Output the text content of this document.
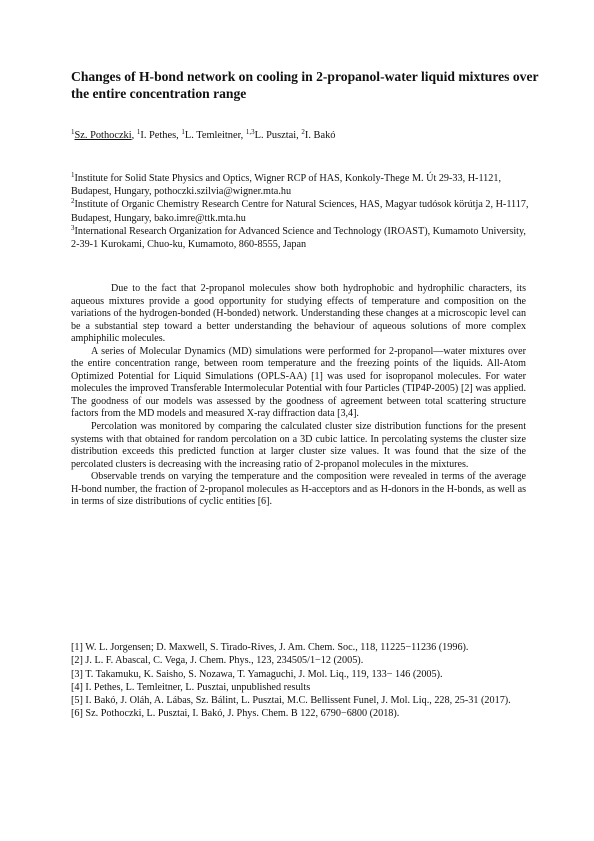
Changes of H-bond network on cooling in 2-propanol-water liquid mixtures over the entire concentration range
$^1$Sz. Pothoczki, $^1$I. Pethes, $^1$L. Temleitner, $^{1,3}$L. Pusztai, $^2$I. Bakó

$^1$Institute for Solid State Physics and Optics, Wigner RCP of HAS, Konkoly-Thege M. Út 29-33, H-1121, Budapest, Hungary, pothoczki.szilvia@wigner.mta.hu

$^2$Institute of Organic Chemistry Research Centre for Natural Sciences, HAS, Magyar tudósok körútja 2, H-1117, Budapest, Hungary, bako.imre@ttk.mta.hu

$^3$International Research Organization for Advanced Science and Technology (IROAST), Kumamoto University, 2-39-1 Kurokami, Chuo-ku, Kumamoto, 860-8555, Japan

Due to the fact that 2-propanol molecules show both hydrophobic and hydrophilic characters, its aqueous mixtures provide a good opportunity for studying effects of temperature and composition on the variations of the hydrogen-bonded (H-bonded) network. Understanding these changes at a microscopic level can be a substantial step toward a better understanding the behaviour of aqueous solutions of more complex amphiphilic molecules.

A series of Molecular Dynamics (MD) simulations were performed for 2-propanol—water mixtures over the entire concentration range, between room temperature and the freezing points of the liquids. All-Atom Optimized Potential for Liquid Simulations (OPLS-AA) [1] was used for isopropanol molecules. For water molecules the improved Transferable Intermolecular Potential with four Particles (TIP4P-2005) [2] was applied. The goodness of our models was assessed by the goodness of agreement between total scattering structure factors from the MD models and measured X-ray diffraction data [3,4].

Percolation was monitored by comparing the calculated cluster size distribution functions for the present systems with that obtained for random percolation on a 3D cubic lattice. In percolating systems the cluster size distribution exceeds this predicted function at larger cluster size values. It was found that the size of the percolated clusters is decreasing with the increasing ratio of 2-propanol molecules in the mixtures.

Observable trends on varying the temperature and the composition were revealed in terms of the average H-bond number, the fraction of 2-propanol molecules as H-acceptors and as H-donors in the H-bonds, as well as in terms of size distributions of cyclic entities [6].

[1] W. L. Jorgensen; D. Maxwell, S. Tirado-Rives, J. Am. Chem. Soc., 118, 11225−11236 (1996).

[2] J. L. F. Abascal, C. Vega, J. Chem. Phys., 123, 234505/1−12 (2005).

[3] T. Takamuku, K. Saisho, S. Nozawa, T. Yamaguchi, J. Mol. Liq., 119, 133− 146 (2005).

[4] I. Pethes, L. Temleitner, L. Pusztai, unpublished results

[5] I. Bakó, J. Oláh, A. Lábas, Sz. Bálint, L. Pusztai, M.C. Bellissent Funel, J. Mol. Liq., 228, 25-31 (2017).

[6] Sz. Pothoczki, L. Pusztai, I. Bakó, J. Phys. Chem. B 122, 6790−6800 (2018).
